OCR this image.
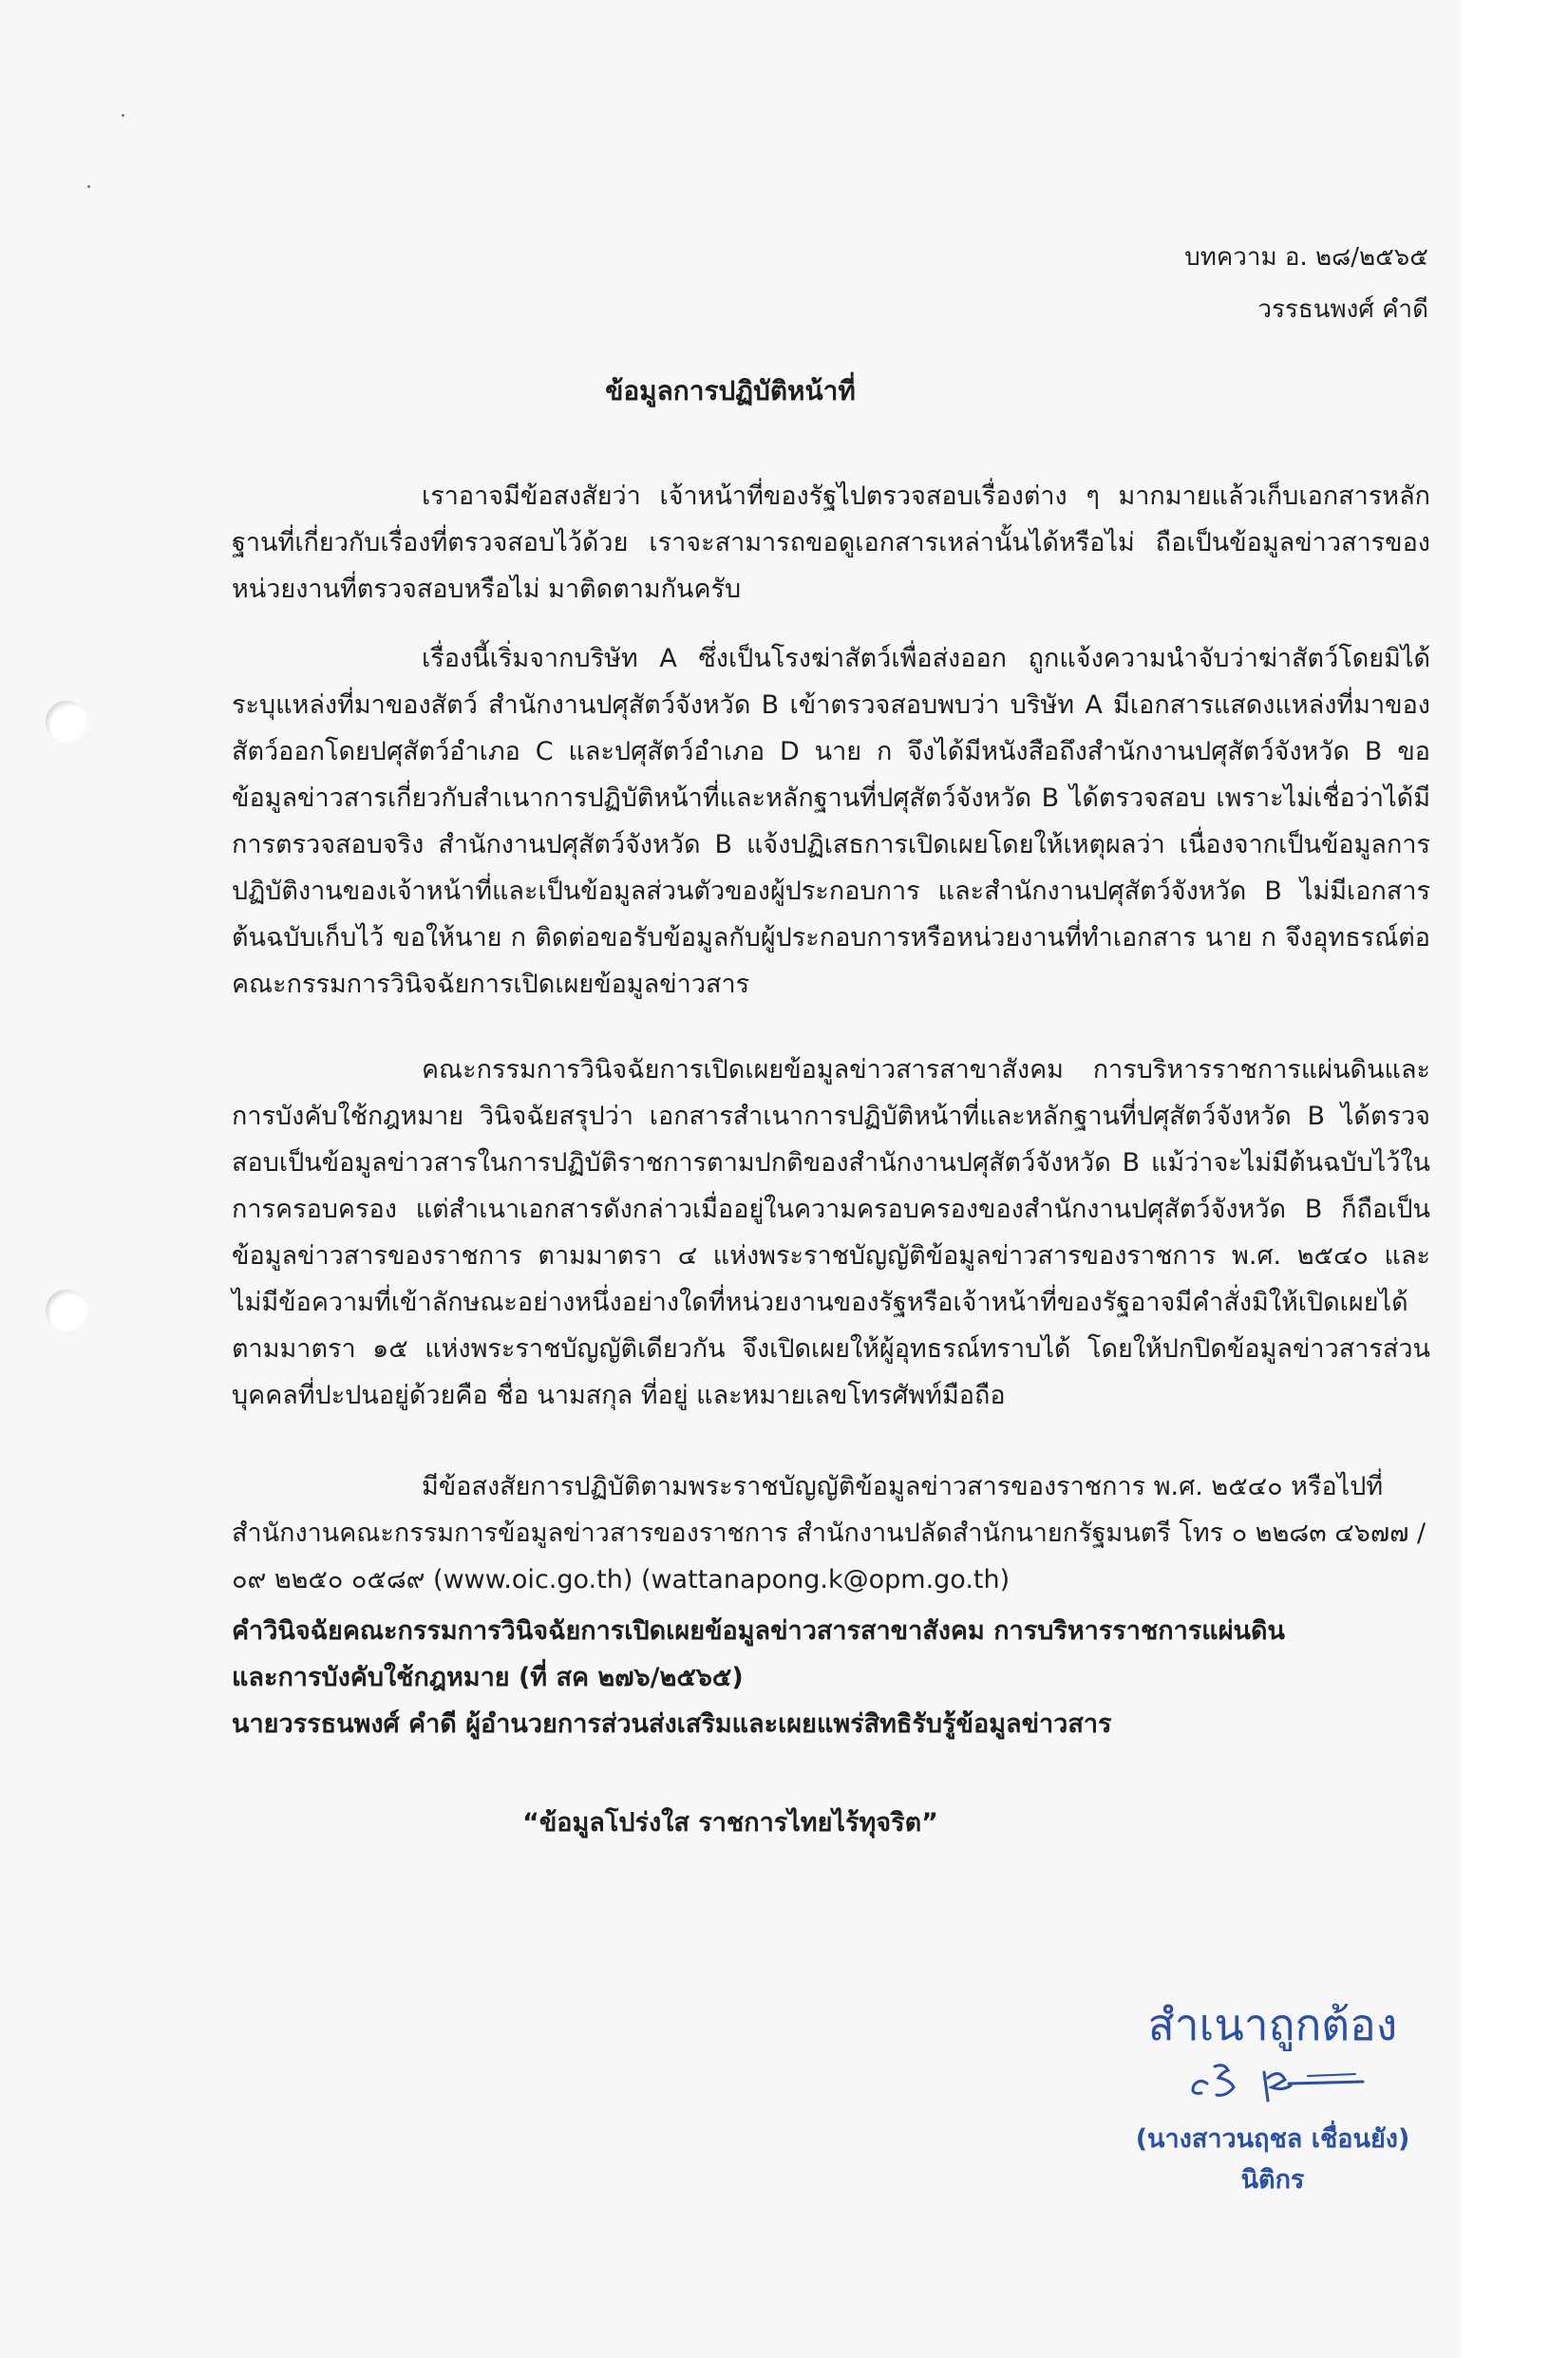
บทความ อ. ๒๘/๒๕๖๕
วรรธนพงศ์ คำดี
ข้อมูลการปฏิบัติหน้าที่
เราอาจมีข้อสงสัยว่า เจ้าหน้าที่ของรัฐไปตรวจสอบเรื่องต่าง ๆ มากมายแล้วเก็บเอกสารหลักฐานที่เกี่ยวกับเรื่องที่ตรวจสอบไว้ด้วย เราจะสามารถขอดูเอกสารเหล่านั้นได้หรือไม่ ถือเป็นข้อมูลข่าวสารของหน่วยงานที่ตรวจสอบหรือไม่ มาติดตามกันครับ
เรื่องนี้เริ่มจากบริษัท A ซึ่งเป็นโรงฆ่าสัตว์เพื่อส่งออก ถูกแจ้งความนำจับว่าฆ่าสัตว์โดยมิได้ระบุแหล่งที่มาของสัตว์ สำนักงานปศุสัตว์จังหวัด B เข้าตรวจสอบพบว่า บริษัท A มีเอกสารแสดงแหล่งที่มาของสัตว์ออกโดยปศุสัตว์อำเภอ C และปศุสัตว์อำเภอ D นาย ก จึงได้มีหนังสือถึงสำนักงานปศุสัตว์จังหวัด B ขอข้อมูลข่าวสารเกี่ยวกับสำเนาการปฏิบัติหน้าที่และหลักฐานที่ปศุสัตว์จังหวัด B ได้ตรวจสอบ เพราะไม่เชื่อว่าได้มีการตรวจสอบจริง สำนักงานปศุสัตว์จังหวัด B แจ้งปฏิเสธการเปิดเผยโดยให้เหตุผลว่า เนื่องจากเป็นข้อมูลการปฏิบัติงานของเจ้าหน้าที่และเป็นข้อมูลส่วนตัวของผู้ประกอบการ และสำนักงานปศุสัตว์จังหวัด B ไม่มีเอกสารต้นฉบับเก็บไว้ ขอให้นาย ก ติดต่อขอรับข้อมูลกับผู้ประกอบการหรือหน่วยงานที่ทำเอกสาร นาย ก จึงอุทธรณ์ต่อคณะกรรมการวินิจฉัยการเปิดเผยข้อมูลข่าวสาร
คณะกรรมการวินิจฉัยการเปิดเผยข้อมูลข่าวสารสาขาสังคม การบริหารราชการแผ่นดินและการบังคับใช้กฎหมาย วินิจฉัยสรุปว่า เอกสารสำเนาการปฏิบัติหน้าที่และหลักฐานที่ปศุสัตว์จังหวัด B ได้ตรวจสอบเป็นข้อมูลข่าวสารในการปฏิบัติราชการตามปกติของสำนักงานปศุสัตว์จังหวัด B แม้ว่าจะไม่มีต้นฉบับไว้ในการครอบครอง แต่สำเนาเอกสารดังกล่าวเมื่ออยู่ในความครอบครองของสำนักงานปศุสัตว์จังหวัด B ก็ถือเป็นข้อมูลข่าวสารของราชการ ตามมาตรา ๔ แห่งพระราชบัญญัติข้อมูลข่าวสารของราชการ พ.ศ. ๒๕๔๐ และไม่มีข้อความที่เข้าลักษณะอย่างหนึ่งอย่างใดที่หน่วยงานของรัฐหรือเจ้าหน้าที่ของรัฐอาจมีคำสั่งมิให้เปิดเผยได้ตามมาตรา ๑๕ แห่งพระราชบัญญัติเดียวกัน จึงเปิดเผยให้ผู้อุทธรณ์ทราบได้ โดยให้ปกปิดข้อมูลข่าวสารส่วนบุคคลที่ปะปนอยู่ด้วยคือ ชื่อ นามสกุล ที่อยู่ และหมายเลขโทรศัพท์มือถือ
มีข้อสงสัยการปฏิบัติตามพระราชบัญญัติข้อมูลข่าวสารของราชการ พ.ศ. ๒๕๔๐ หรือไปที่
สำนักงานคณะกรรมการข้อมูลข่าวสารของราชการ สำนักงานปลัดสำนักนายกรัฐมนตรี โทร ๐ ๒๒๘๓ ๔๖๗๗ /
๐๙ ๒๒๕๐ ๐๕๘๙ (www.oic.go.th) (wattanapong.k@opm.go.th)
คำวินิจฉัยคณะกรรมการวินิจฉัยการเปิดเผยข้อมูลข่าวสารสาขาสังคม การบริหารราชการแผ่นดิน
และการบังคับใช้กฎหมาย (ที่ สค ๒๗๖/๒๕๖๕)
นายวรรธนพงศ์ คำดี ผู้อำนวยการส่วนส่งเสริมและเผยแพร่สิทธิรับรู้ข้อมูลข่าวสาร
“ข้อมูลโปร่งใส ราชการไทยไร้ทุจริต”
สำเนาถูกต้อง
(นางสาวนฤชล เชื่อนยัง)
นิติกร
